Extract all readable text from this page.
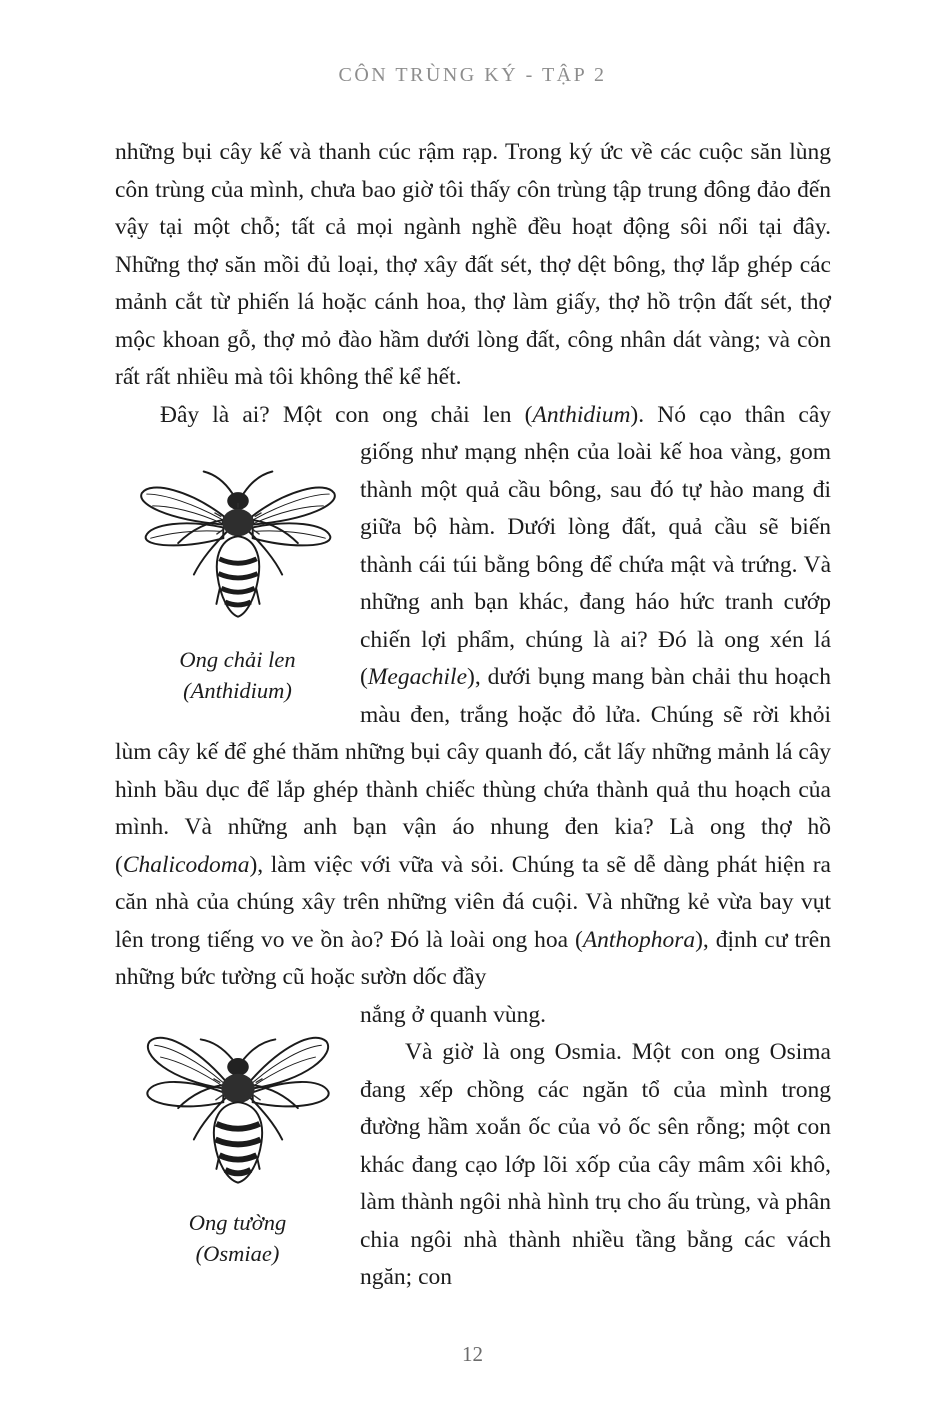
CÔN TRÙNG KÝ - TẬP 2

những bụi cây kế và thanh cúc rậm rạp. Trong ký ức về các cuộc săn lùng côn trùng của mình, chưa bao giờ tôi thấy côn trùng tập trung đông đảo đến vậy tại một chỗ; tất cả mọi ngành nghề đều hoạt động sôi nổi tại đây. Những thợ săn mồi đủ loại, thợ xây đất sét, thợ dệt bông, thợ lắp ghép các mảnh cắt từ phiến lá hoặc cánh hoa, thợ làm giấy, thợ hồ trộn đất sét, thợ mộc khoan gỗ, thợ mỏ đào hầm dưới lòng đất, công nhân dát vàng; và còn rất rất nhiều mà tôi không thể kể hết.

Đây là ai? Một con ong chải len (Anthidium). Nó cạo thân cây

Ong chải len
(Anthidium)
giống như mạng nhện của loài kế hoa vàng, gom thành một quả cầu bông, sau đó tự hào mang đi giữa bộ hàm. Dưới lòng đất, quả cầu sẽ biến thành cái túi bằng bông để chứa mật và trứng. Và những anh bạn khác, đang háo hức tranh cướp chiến lợi phẩm, chúng là ai? Đó là ong xén lá (Megachile), dưới bụng mang bàn chải thu hoạch màu đen, trắng hoặc đỏ lửa. Chúng sẽ rời khỏi lùm cây kế để ghé thăm những bụi cây quanh đó, cắt lấy những mảnh lá cây hình bầu dục để lắp ghép thành chiếc thùng chứa thành quả thu hoạch của mình. Và những anh bạn vận áo nhung đen kia? Là ong thợ hồ (Chalicodoma), làm việc với vữa và sỏi. Chúng ta sẽ dễ dàng phát hiện ra căn nhà của chúng xây trên những viên đá cuội. Và những kẻ vừa bay vụt lên trong tiếng vo ve ồn ào? Đó là loài ong hoa (Anthophora), định cư trên những bức tường cũ hoặc sườn dốc đầy
Ong tường
(Osmiae)

nắng ở quanh vùng.

Và giờ là ong Osmia. Một con ong Osima đang xếp chồng các ngăn tổ của mình trong đường hầm xoắn ốc của vỏ ốc sên rỗng; một con khác đang cạo lớp lõi xốp của cây mâm xôi khô, làm thành ngôi nhà hình trụ cho ấu trùng, và phân chia ngôi nhà thành nhiều tầng bằng các vách ngăn; con

12
